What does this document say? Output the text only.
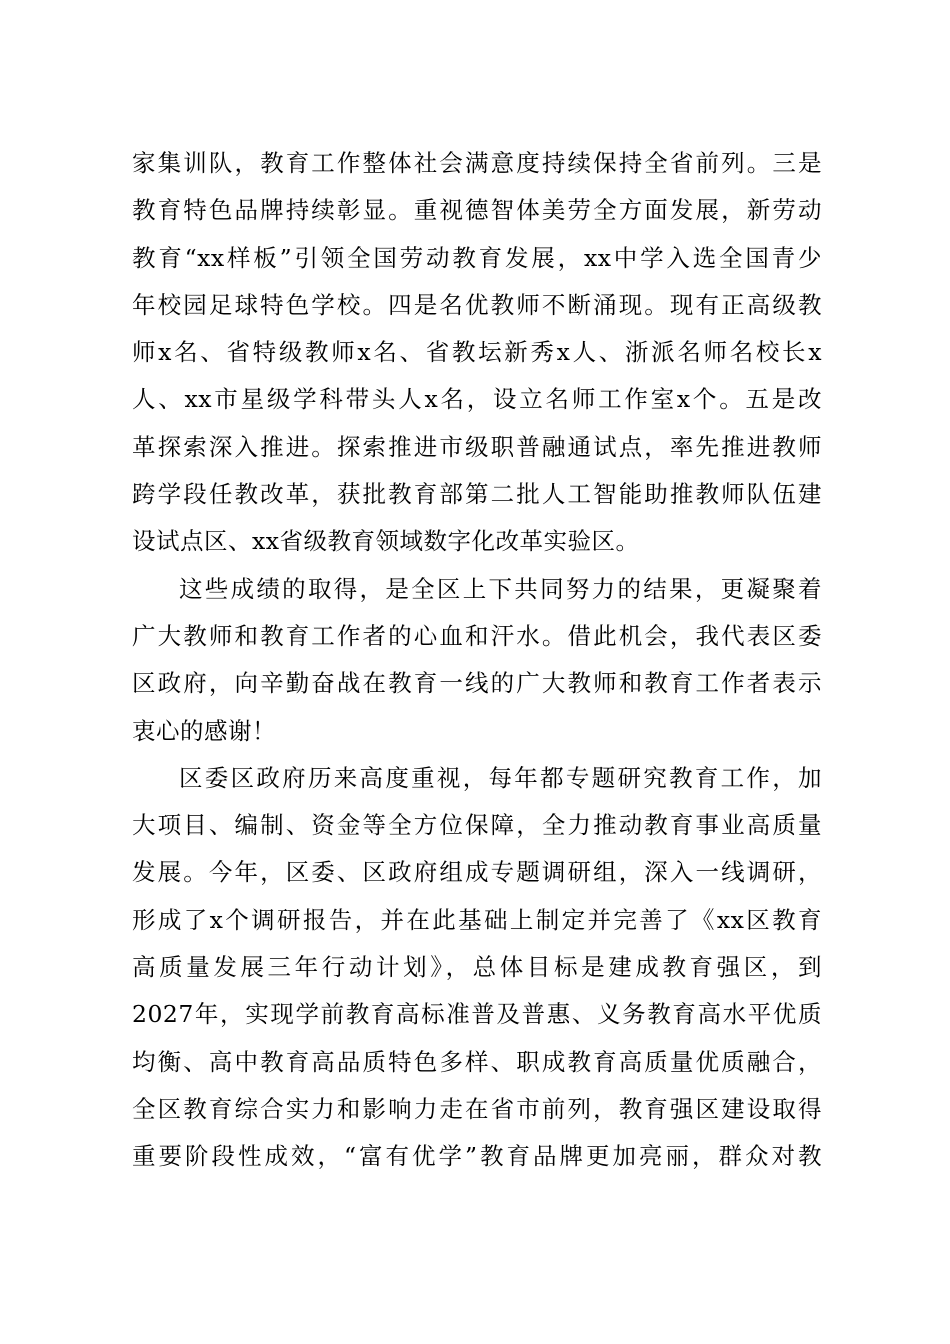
家集训队，教育工作整体社会满意度持续保持全省前列。三是
教育特色品牌持续彰显。重视德智体美劳全方面发展，新劳动
教育“xx样板”引领全国劳动教育发展，xx中学入选全国青少
年校园足球特色学校。四是名优教师不断涌现。现有正高级教
师x名、省特级教师x名、省教坛新秀x人、浙派名师名校长x
人、xx市星级学科带头人x名，设立名师工作室x个。五是改
革探索深入推进。探索推进市级职普融通试点，率先推进教师
跨学段任教改革，获批教育部第二批人工智能助推教师队伍建
设试点区、xx省级教育领域数字化改革实验区。
这些成绩的取得，是全区上下共同努力的结果，更凝聚着
广大教师和教育工作者的心血和汗水。借此机会，我代表区委
区政府，向辛勤奋战在教育一线的广大教师和教育工作者表示
衷心的感谢！
区委区政府历来高度重视，每年都专题研究教育工作，加
大项目、编制、资金等全方位保障，全力推动教育事业高质量
发展。今年，区委、区政府组成专题调研组，深入一线调研，
形成了x个调研报告，并在此基础上制定并完善了《xx区教育
高质量发展三年行动计划》，总体目标是建成教育强区，到
2027年，实现学前教育高标准普及普惠、义务教育高水平优质
均衡、高中教育高品质特色多样、职成教育高质量优质融合，
全区教育综合实力和影响力走在省市前列，教育强区建设取得
重要阶段性成效，“富有优学”教育品牌更加亮丽，群众对教
